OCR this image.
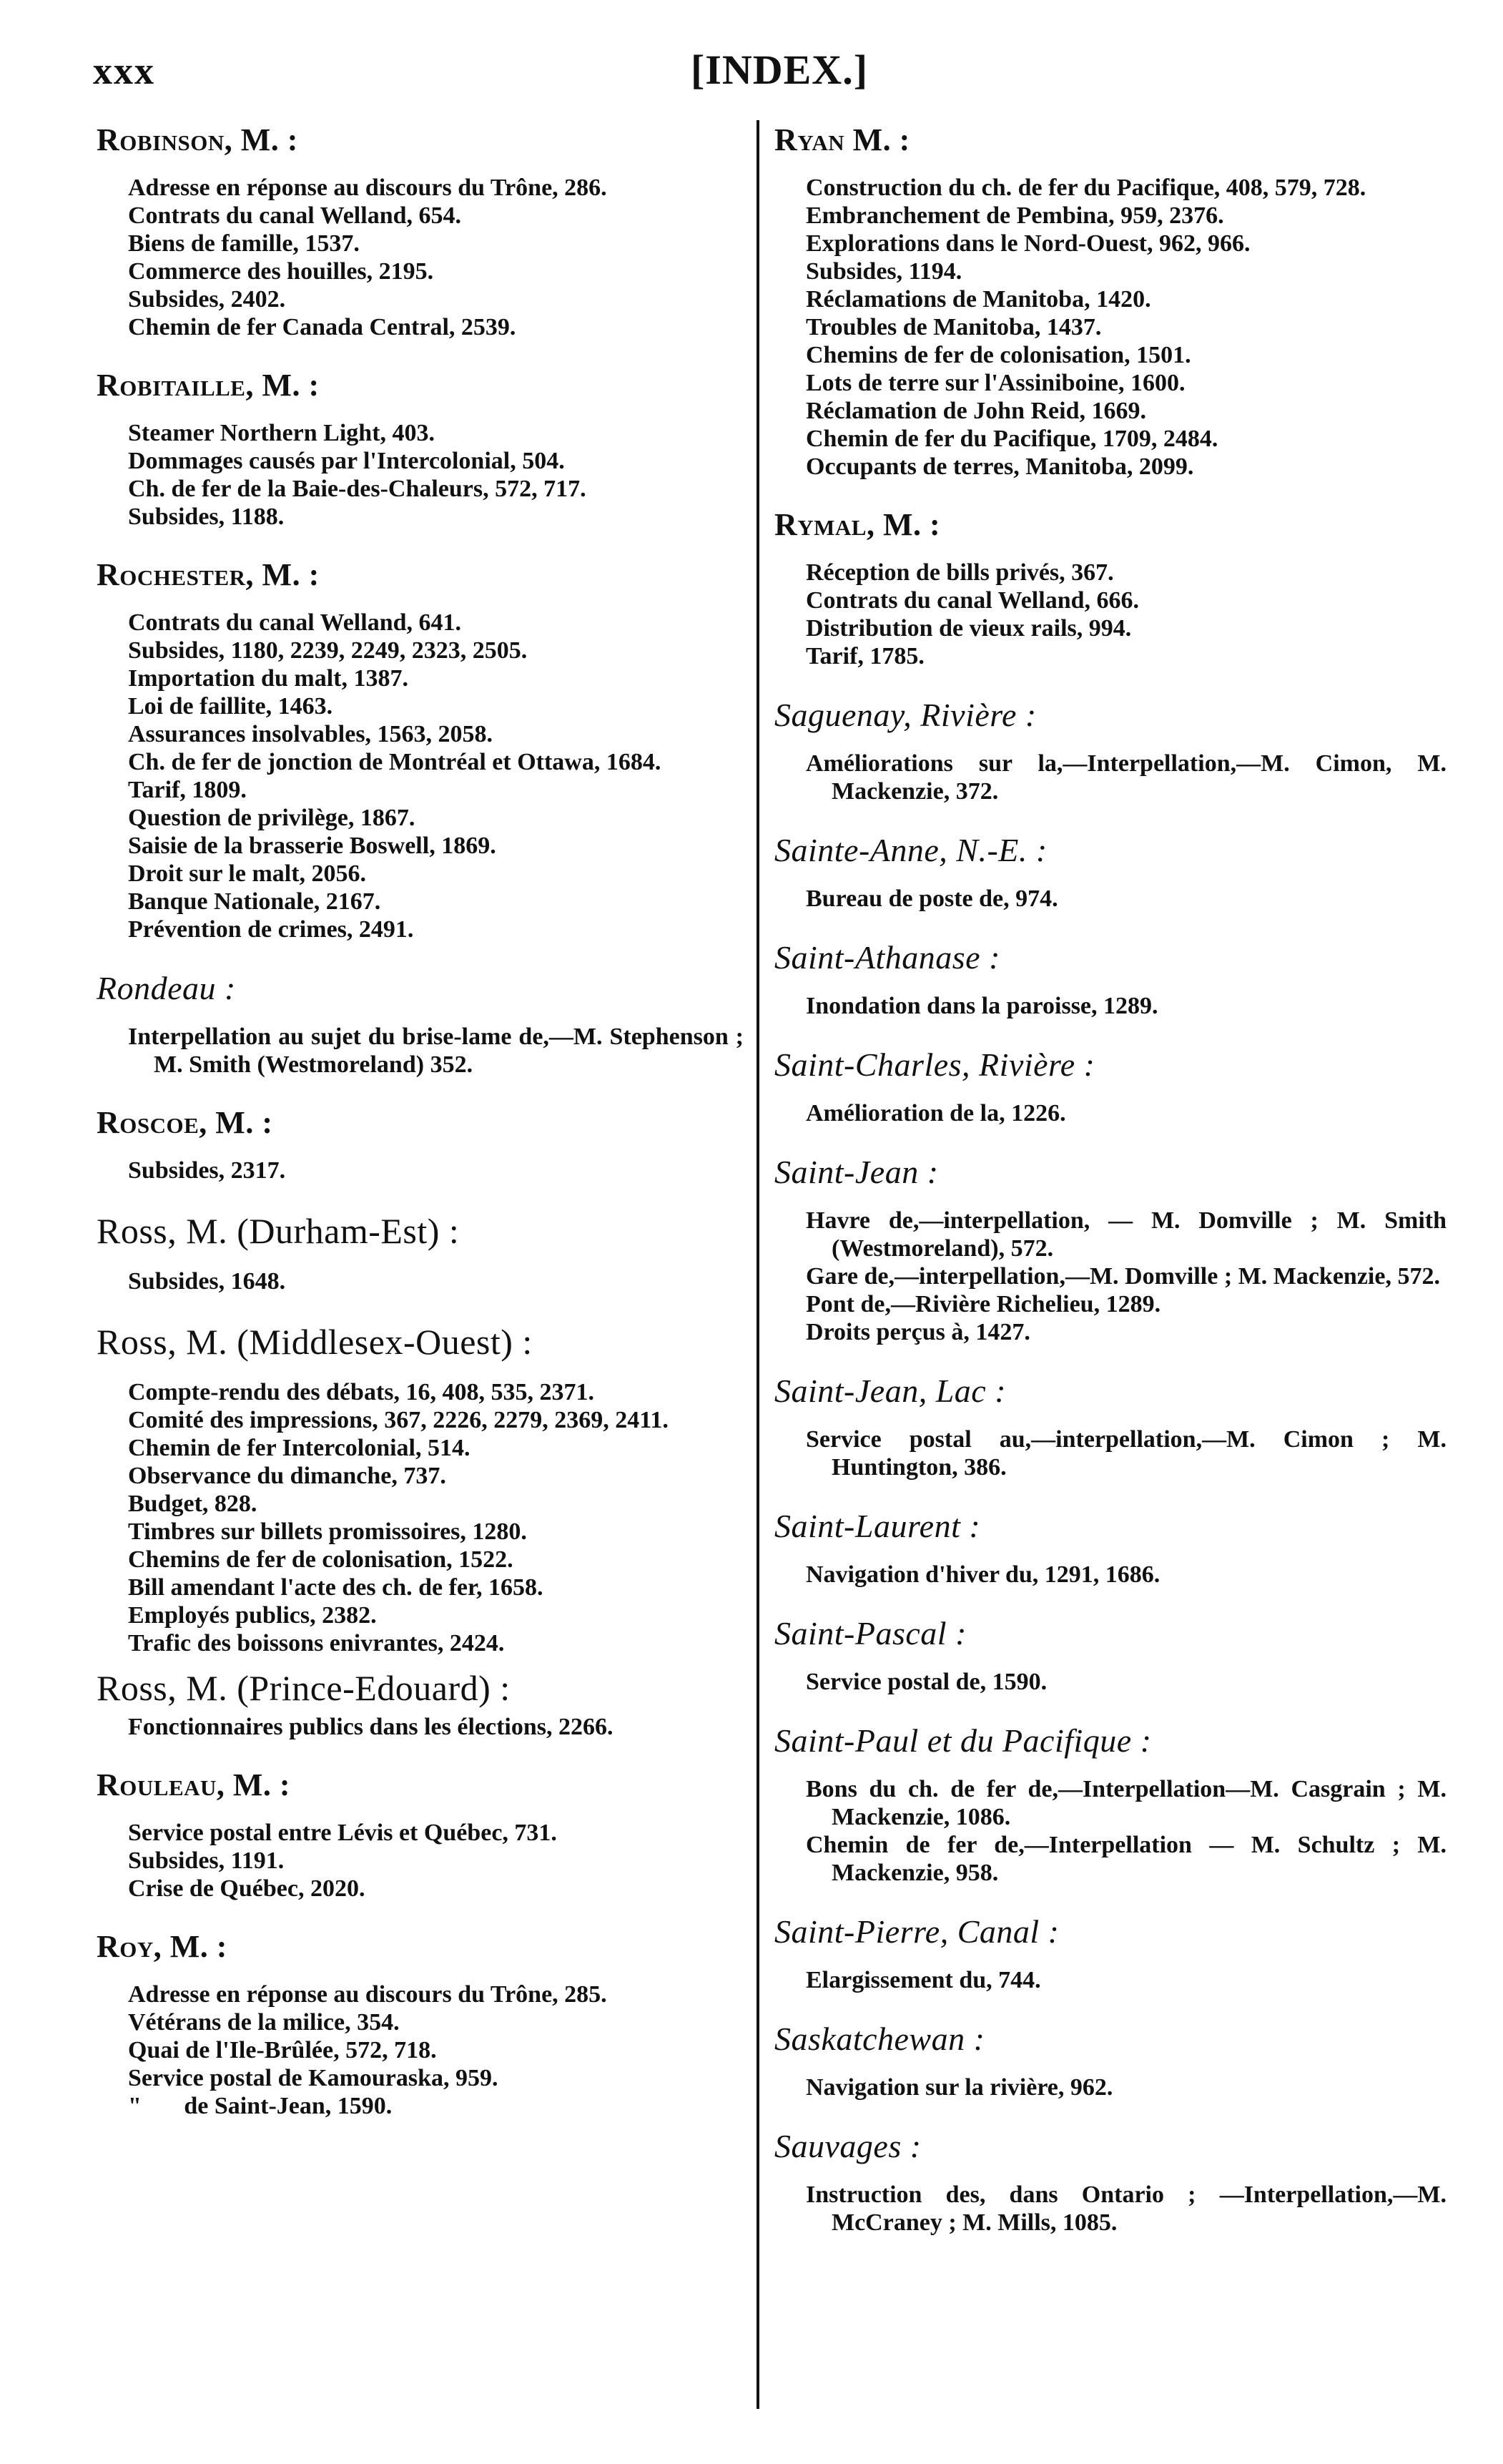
xxx	[INDEX.]
Robinson, M. :
Adresse en réponse au discours du Trône, 286.
Contrats du canal Welland, 654.
Biens de famille, 1537.
Commerce des houilles, 2195.
Subsides, 2402.
Chemin de fer Canada Central, 2539.
Robitaille, M. :
Steamer Northern Light, 403.
Dommages causés par l'Intercolonial, 504.
Ch. de fer de la Baie-des-Chaleurs, 572, 717.
Subsides, 1188.
Rochester, M. :
Contrats du canal Welland, 641.
Subsides, 1180, 2239, 2249, 2323, 2505.
Importation du malt, 1387.
Loi de faillite, 1463.
Assurances insolvables, 1563, 2058.
Ch. de fer de jonction de Montréal et Ottawa, 1684.
Tarif, 1809.
Question de privilège, 1867.
Saisie de la brasserie Boswell, 1869.
Droit sur le malt, 2056.
Banque Nationale, 2167.
Prévention de crimes, 2491.
Rondeau :
Interpellation au sujet du brise-lame de,—M. Stephenson ; M. Smith (Westmoreland) 352.
Roscoe, M. :
Subsides, 2317.
Ross, M. (Durham-Est) :
Subsides, 1648.
Ross, M. (Middlesex-Ouest) :
Compte-rendu des débats, 16, 408, 535, 2371.
Comité des impressions, 367, 2226, 2279, 2369, 2411.
Chemin de fer Intercolonial, 514.
Observance du dimanche, 737.
Budget, 828.
Timbres sur billets promissoires, 1280.
Chemins de fer de colonisation, 1522.
Bill amendant l'acte des ch. de fer, 1658.
Employés publics, 2382.
Trafic des boissons enivrantes, 2424.
Ross, M. (Prince-Edouard) :
Fonctionnaires publics dans les élections, 2266.
Rouleau, M. :
Service postal entre Lévis et Québec, 731.
Subsides, 1191.
Crise de Québec, 2020.
Roy, M. :
Adresse en réponse au discours du Trône, 285.
Vétérans de la milice, 354.
Quai de l'Ile-Brûlée, 572, 718.
Service postal de Kamouraska, 959.
"       de Saint-Jean, 1590.
Ryan M. :
Construction du ch. de fer du Pacifique, 408, 579, 728.
Embranchement de Pembina, 959, 2376.
Explorations dans le Nord-Ouest, 962, 966.
Subsides, 1194.
Réclamations de Manitoba, 1420.
Troubles de Manitoba, 1437.
Chemins de fer de colonisation, 1501.
Lots de terre sur l'Assiniboine, 1600.
Réclamation de John Reid, 1669.
Chemin de fer du Pacifique, 1709, 2484.
Occupants de terres, Manitoba, 2099.
Rymal, M. :
Réception de bills privés, 367.
Contrats du canal Welland, 666.
Distribution de vieux rails, 994.
Tarif, 1785.
Saguenay, Rivière :
Améliorations sur la,—Interpellation,—M. Cimon, M. Mackenzie, 372.
Sainte-Anne, N.-E. :
Bureau de poste de, 974.
Saint-Athanase :
Inondation dans la paroisse, 1289.
Saint-Charles, Rivière :
Amélioration de la, 1226.
Saint-Jean :
Havre de,—interpellation, — M. Domville ; M. Smith (Westmoreland), 572.
Gare de,—interpellation,—M. Domville ; M. Mackenzie, 572.
Pont de,—Rivière Richelieu, 1289.
Droits perçus à, 1427.
Saint-Jean, Lac :
Service postal au,—interpellation,—M. Cimon ; M. Huntington, 386.
Saint-Laurent :
Navigation d'hiver du, 1291, 1686.
Saint-Pascal :
Service postal de, 1590.
Saint-Paul et du Pacifique :
Bons du ch. de fer de,—Interpellation—M. Casgrain ; M. Mackenzie, 1086.
Chemin de fer de,—Interpellation — M. Schultz ; M. Mackenzie, 958.
Saint-Pierre, Canal :
Elargissement du, 744.
Saskatchewan :
Navigation sur la rivière, 962.
Sauvages :
Instruction des, dans Ontario ; —Interpellation,—M. McCraney ; M. Mills, 1085.
